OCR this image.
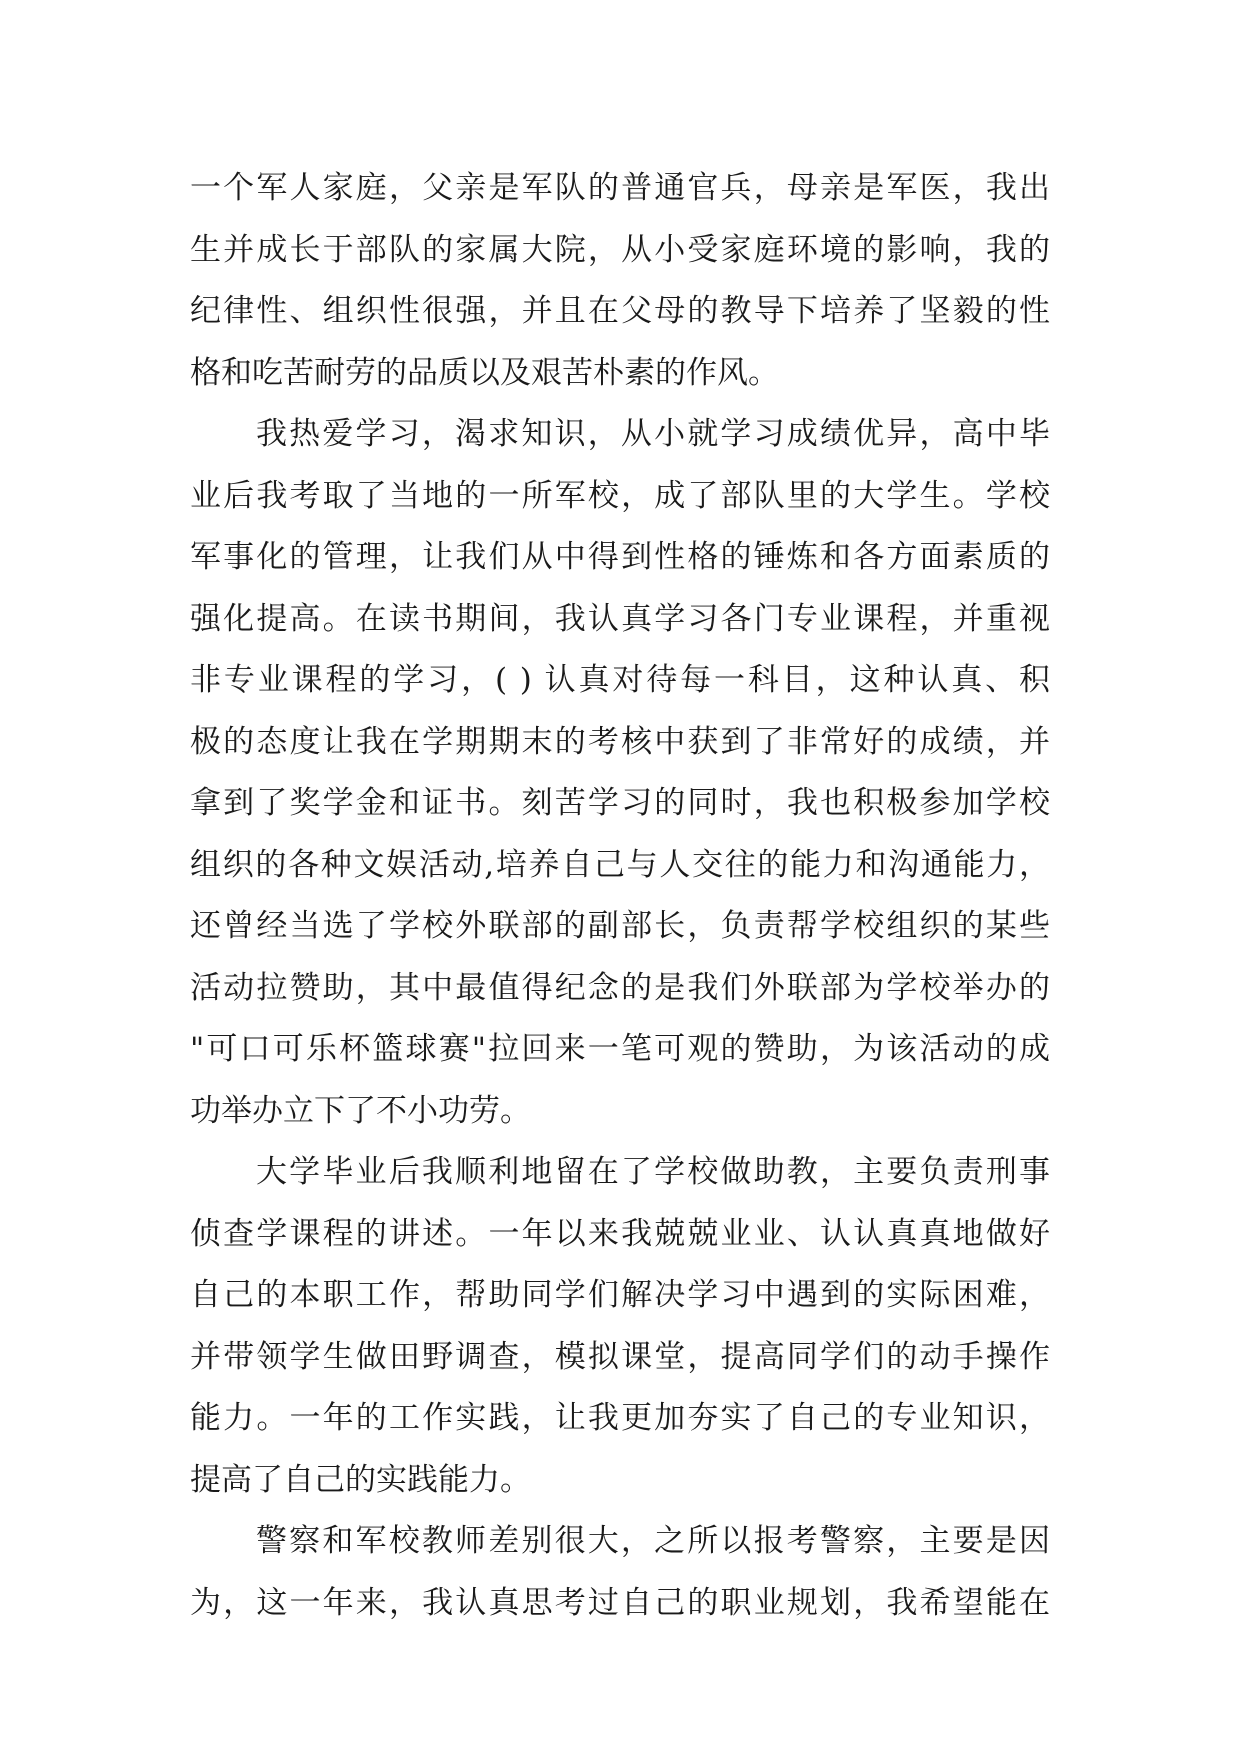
一个军人家庭，父亲是军队的普通官兵，母亲是军医，我出
生并成长于部队的家属大院，从小受家庭环境的影响，我的
纪律性、组织性很强，并且在父母的教导下培养了坚毅的性
格和吃苦耐劳的品质以及艰苦朴素的作风。
我热爱学习，渴求知识，从小就学习成绩优异，高中毕
业后我考取了当地的一所军校，成了部队里的大学生。学校
军事化的管理，让我们从中得到性格的锤炼和各方面素质的
强化提高。在读书期间，我认真学习各门专业课程，并重视
非专业课程的学习，( ) 认真对待每一科目，这种认真、积
极的态度让我在学期期末的考核中获到了非常好的成绩，并
拿到了奖学金和证书。刻苦学习的同时，我也积极参加学校
组织的各种文娱活动,培养自己与人交往的能力和沟通能力，
还曾经当选了学校外联部的副部长，负责帮学校组织的某些
活动拉赞助，其中最值得纪念的是我们外联部为学校举办的
"可口可乐杯篮球赛"拉回来一笔可观的赞助，为该活动的成
功举办立下了不小功劳。
大学毕业后我顺利地留在了学校做助教，主要负责刑事
侦查学课程的讲述。一年以来我兢兢业业、认认真真地做好
自己的本职工作，帮助同学们解决学习中遇到的实际困难，
并带领学生做田野调查，模拟课堂，提高同学们的动手操作
能力。一年的工作实践，让我更加夯实了自己的专业知识，
提高了自己的实践能力。
警察和军校教师差别很大，之所以报考警察，主要是因
为，这一年来，我认真思考过自己的职业规划，我希望能在
